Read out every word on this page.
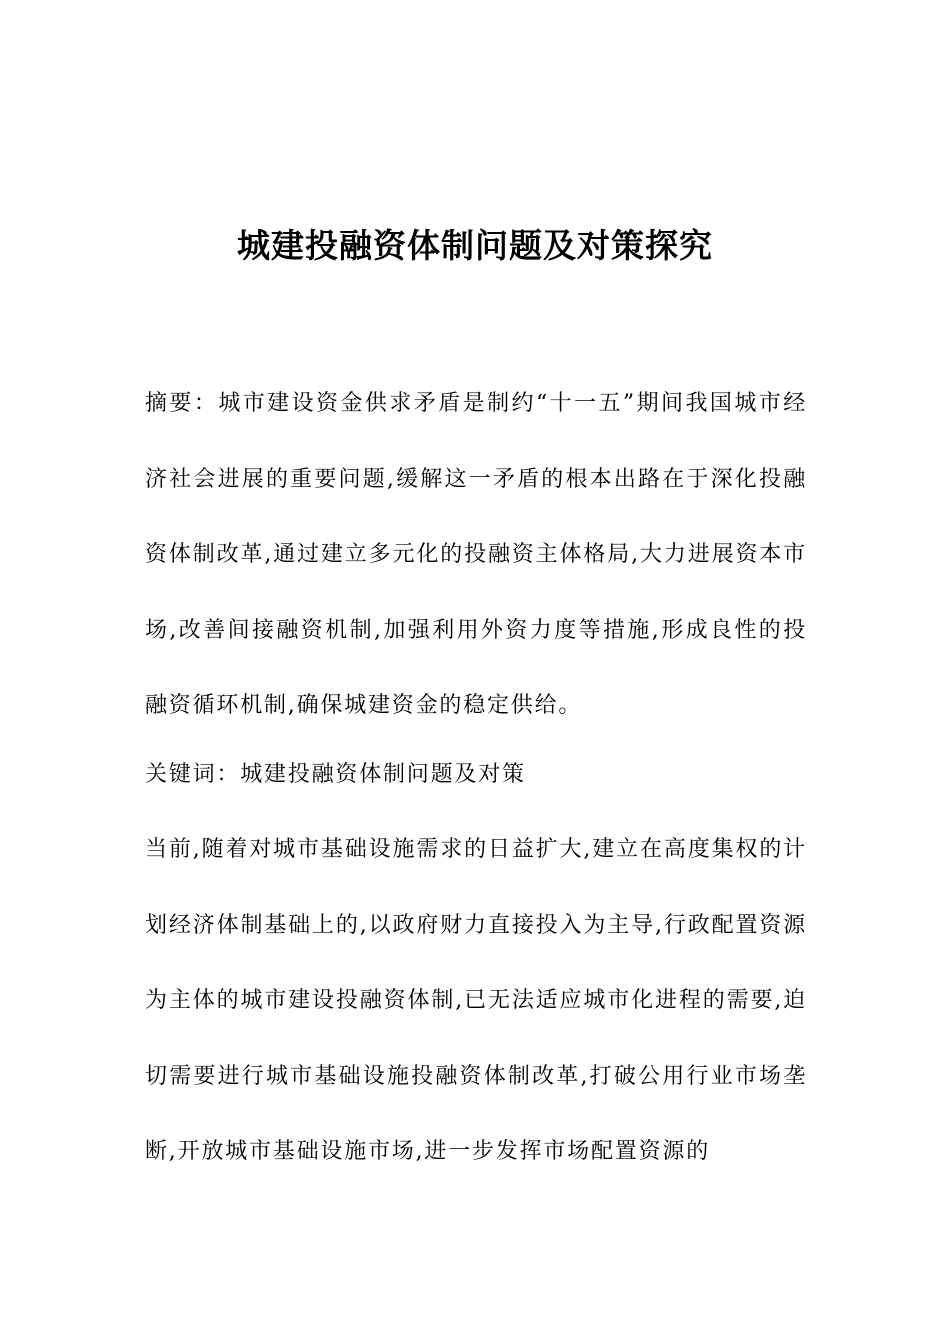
城建投融资体制问题及对策探究

摘要：城市建设资金供求矛盾是制约“十一五”期间我国城市经济社会进展的重要问题,缓解这一矛盾的根本出路在于深化投融资体制改革,通过建立多元化的投融资主体格局,大力进展资本市场,改善间接融资机制,加强利用外资力度等措施,形成良性的投融资循环机制,确保城建资金的稳定供给。

关键词：城建投融资体制问题及对策

当前,随着对城市基础设施需求的日益扩大,建立在高度集权的计划经济体制基础上的,以政府财力直接投入为主导,行政配置资源为主体的城市建设投融资体制,已无法适应城市化进程的需要,迫切需要进行城市基础设施投融资体制改革,打破公用行业市场垄断,开放城市基础设施市场,进一步发挥市场配置资源的
